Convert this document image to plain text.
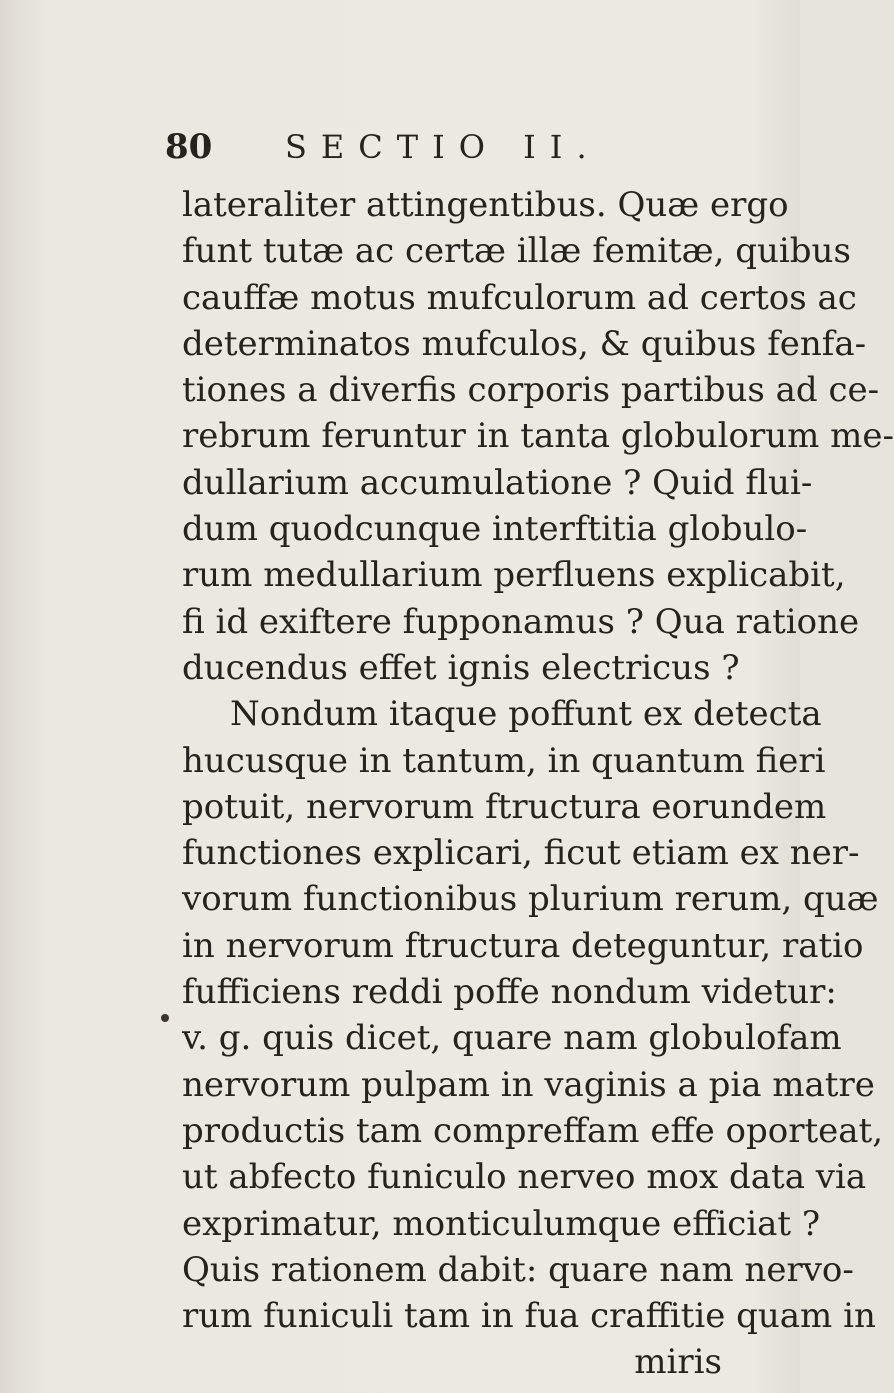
80 SECTIO II.
lateraliter attingentibus. Quæ ergo
funt tutæ ac certæ illæ femitæ, quibus
cauffæ motus mufculorum ad certos ac
determinatos mufculos, & quibus fenfa-
tiones a diverfis corporis partibus ad ce-
rebrum feruntur in tanta globulorum me-
dullarium accumulatione ? Quid flui-
dum quodcunque interftitia globulo-
rum medullarium perfluens explicabit,
fi id exiftere fupponamus ? Qua ratione
ducendus effet ignis electricus ?
Nondum itaque poffunt ex detecta
hucusque in tantum, in quantum fieri
potuit, nervorum ftructura eorundem
functiones explicari, ficut etiam ex ner-
vorum functionibus plurium rerum, quæ
in nervorum ftructura deteguntur, ratio
fufficiens reddi poffe nondum videtur:
v. g. quis dicet, quare nam globulofam
nervorum pulpam in vaginis a pia matre
productis tam compreffam effe oporteat,
ut abfecto funiculo nerveo mox data via
exprimatur, monticulumque efficiat ?
Quis rationem dabit: quare nam nervo-
rum funiculi tam in fua craffitie quam in
miris
